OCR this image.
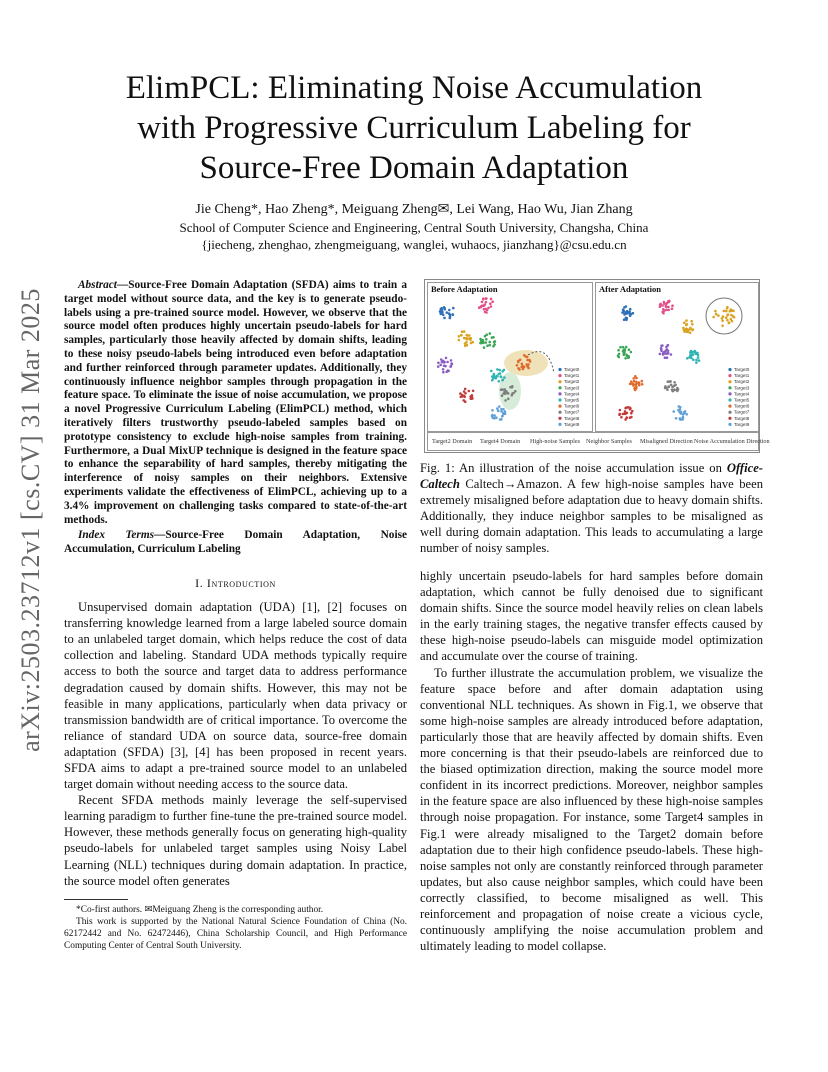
arXiv:2503.23712v1 [cs.CV] 31 Mar 2025
ElimPCL: Eliminating Noise Accumulation
with Progressive Curriculum Labeling for
Source-Free Domain Adaptation
Jie Cheng*, Hao Zheng*, Meiguang Zheng✉, Lei Wang, Hao Wu, Jian Zhang
School of Computer Science and Engineering, Central South University, Changsha, China
{jiecheng, zhenghao, zhengmeiguang, wanglei, wuhaocs, jianzhang}@csu.edu.cn

Abstract—Source-Free Domain Adaptation (SFDA) aims to train a target model without source data, and the key is to generate pseudo-labels using a pre-trained source model. However, we observe that the source model often produces highly uncertain pseudo-labels for hard samples, particularly those heavily affected by domain shifts, leading to these noisy pseudo-labels being introduced even before adaptation and further reinforced through parameter updates. Additionally, they continuously influence neighbor samples through propagation in the feature space. To eliminate the issue of noise accumulation, we propose a novel Progressive Curriculum Labeling (ElimPCL) method, which iteratively filters trustworthy pseudo-labeled samples based on prototype consistency to exclude high-noise samples from training. Furthermore, a Dual MixUP technique is designed in the feature space to enhance the separability of hard samples, thereby mitigating the interference of noisy samples on their neighbors. Extensive experiments validate the effectiveness of ElimPCL, achieving up to a 3.4% improvement on challenging tasks compared to state-of-the-art methods.

Index Terms—Source-Free Domain Adaptation, Noise Accumulation, Curriculum Labeling

I. Introduction

Unsupervised domain adaptation (UDA) [1], [2] focuses on transferring knowledge learned from a large labeled source domain to an unlabeled target domain, which helps reduce the cost of data collection and labeling. Standard UDA methods typically require access to both the source and target data to address performance degradation caused by domain shifts. However, this may not be feasible in many applications, particularly when data privacy or transmission bandwidth are of critical importance. To overcome the reliance of standard UDA on source data, source-free domain adaptation (SFDA) [3], [4] has been proposed in recent years. SFDA aims to adapt a pre-trained source model to an unlabeled target domain without needing access to the source data.

Recent SFDA methods mainly leverage the self-supervised learning paradigm to further fine-tune the pre-trained source model. However, these methods generally focus on generating high-quality pseudo-labels for unlabeled target samples using Noisy Label Learning (NLL) techniques during domain adaptation. In practice, the source model often generates

*Co-first authors. ✉Meiguang Zheng is the corresponding author.

This work is supported by the National Natural Science Foundation of China (No. 62172442 and No. 62472446), China Scholarship Council, and High Performance Computing Center of Central South University.

Before Adaptation
Target0
Target1
Target2
Target3
Target4
Target5
Target6
Target7
Target8
Target9
After Adaptation
Target0
Target1
Target2
Target3
Target4
Target5
Target6
Target7
Target8
Target9
Target2 Domain Target4 Domain High-noise Samples Neighbor Samples Misaligned Direction Noise Accumulation Direction
Fig. 1: An illustration of the noise accumulation issue on Office-Caltech Caltech→Amazon. A few high-noise samples have been extremely misaligned before adaptation due to heavy domain shifts. Additionally, they induce neighbor samples to be misaligned as well during domain adaptation. This leads to accumulating a large number of noisy samples.

highly uncertain pseudo-labels for hard samples before domain adaptation, which cannot be fully denoised due to significant domain shifts. Since the source model heavily relies on clean labels in the early training stages, the negative transfer effects caused by these high-noise pseudo-labels can misguide model optimization and accumulate over the course of training.

To further illustrate the accumulation problem, we visualize the feature space before and after domain adaptation using conventional NLL techniques. As shown in Fig.1, we observe that some high-noise samples are already introduced before adaptation, particularly those that are heavily affected by domain shifts. Even more concerning is that their pseudo-labels are reinforced due to the biased optimization direction, making the source model more confident in its incorrect predictions. Moreover, neighbor samples in the feature space are also influenced by these high-noise samples through noise propagation. For instance, some Target4 samples in Fig.1 were already misaligned to the Target2 domain before adaptation due to their high confidence pseudo-labels. These high-noise samples not only are constantly reinforced through parameter updates, but also cause neighbor samples, which could have been correctly classified, to become misaligned as well. This reinforcement and propagation of noise create a vicious cycle, continuously amplifying the noise accumulation problem and ultimately leading to model collapse.
